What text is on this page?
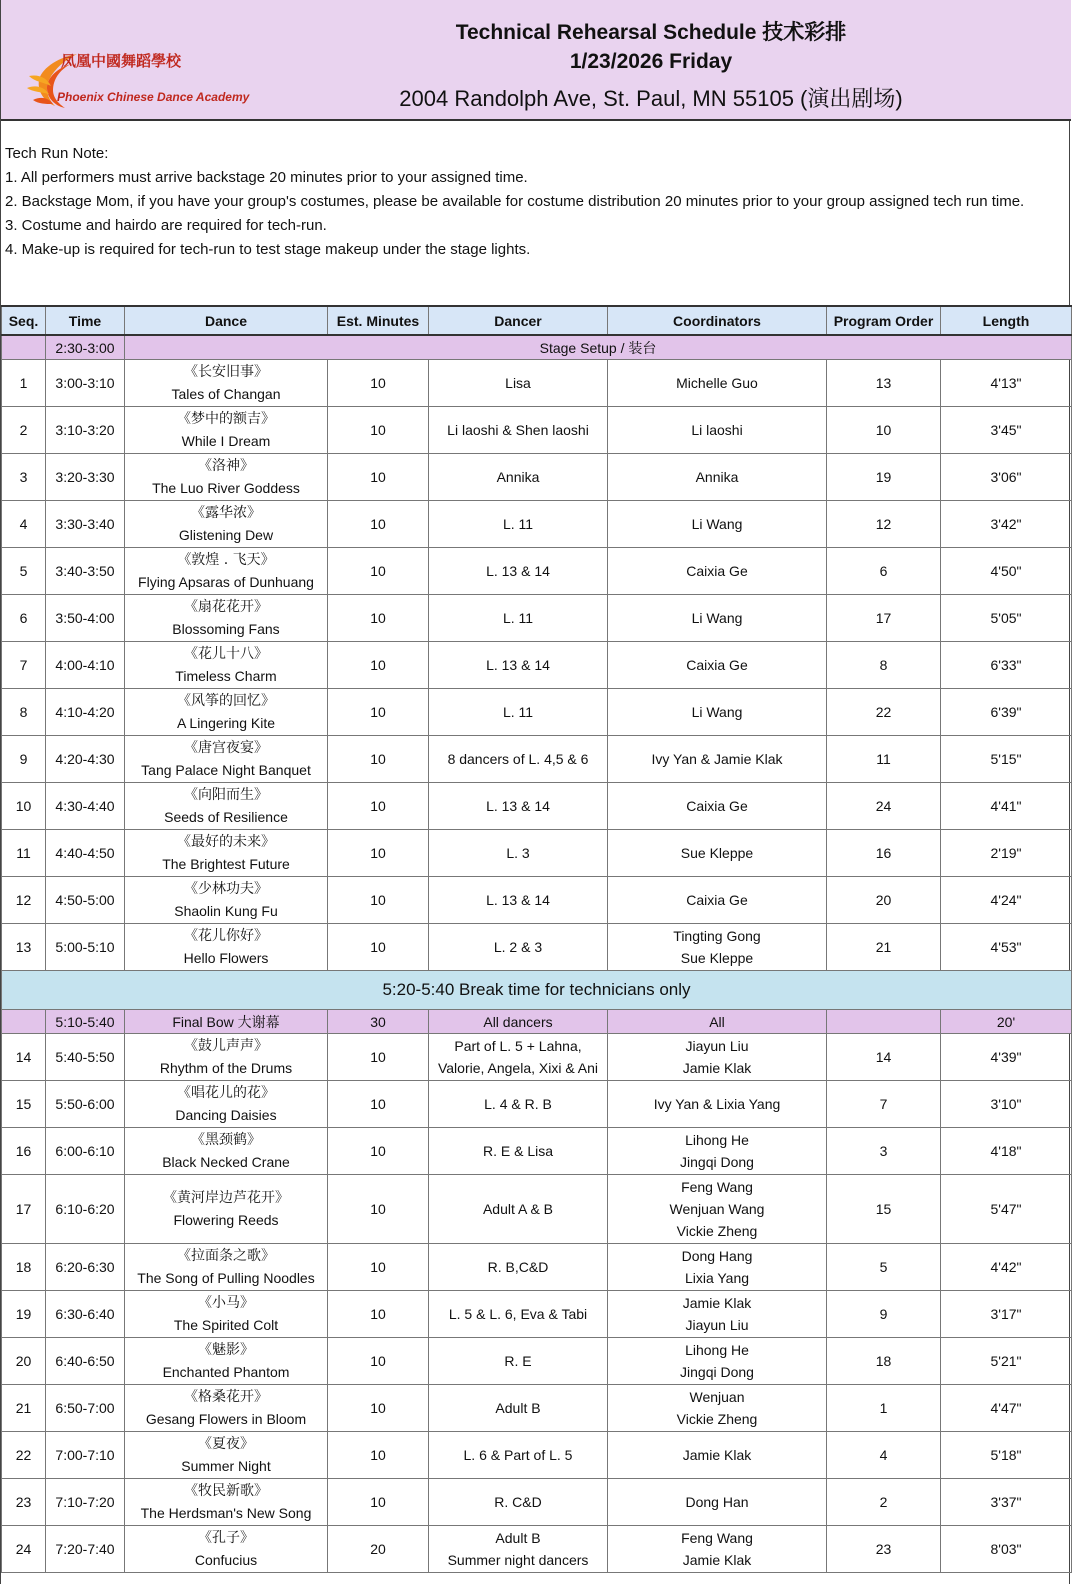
凤凰中國舞蹈學校
Phoenix Chinese Dance Academy
Technical Rehearsal Schedule 技术彩排
1/23/2026 Friday
2004 Randolph Ave, St. Paul, MN 55105 (演出剧场)
Tech Run Note:
1. All performers must arrive backstage 20 minutes prior to your assigned time.
2. Backstage Mom, if you have your group's costumes, please be available for costume distribution 20 minutes prior to your group assigned tech run time.
3. Costume and hairdo are required for tech-run.
4. Make-up is required for tech-run to test stage makeup under the stage lights.
Seq.	Time	Dance	Est. Minutes	Dancer	Coordinators	Program Order	Length
	2:30-3:00	Stage Setup / 装台					
1	3:00-3:10	《长安旧事》
Tales of Changan	10	Lisa	Michelle Guo	13	4'13"
2	3:10-3:20	《梦中的额吉》
While I Dream	10	Li laoshi & Shen laoshi	Li laoshi	10	3'45"
3	3:20-3:30	《洛神》
The Luo River Goddess	10	Annika	Annika	19	3'06"
4	3:30-3:40	《露华浓》
Glistening Dew	10	L. 11	Li Wang	12	3'42"
5	3:40-3:50	《敦煌 . 飞天》
Flying Apsaras of Dunhuang	10	L. 13 & 14	Caixia Ge	6	4'50"
6	3:50-4:00	《扇花花开》
Blossoming Fans	10	L. 11	Li Wang	17	5'05"
7	4:00-4:10	《花儿十八》
Timeless Charm	10	L. 13 & 14	Caixia Ge	8	6'33"
8	4:10-4:20	《风筝的回忆》
A Lingering Kite	10	L. 11	Li Wang	22	6'39"
9	4:20-4:30	《唐宫夜宴》
Tang Palace Night Banquet	10	8 dancers of L. 4,5 & 6	Ivy Yan & Jamie Klak	11	5'15"
10	4:30-4:40	《向阳而生》
Seeds of Resilience	10	L. 13 & 14	Caixia Ge	24	4'41"
11	4:40-4:50	《最好的未来》
The Brightest Future	10	L. 3	Sue Kleppe	16	2'19"
12	4:50-5:00	《少林功夫》
Shaolin Kung Fu	10	L. 13 & 14	Caixia Ge	20	4'24"
13	5:00-5:10	《花儿你好》
Hello Flowers	10	L. 2 & 3	Tingting Gong
Sue Kleppe	21	4'53"
5:20-5:40 Break time for technicians only							
	5:10-5:40	Final Bow 大谢幕	30	All dancers	All		20'
14	5:40-5:50	《鼓儿声声》
Rhythm of the Drums	10	Part of L. 5 + Lahna,
Valorie, Angela, Xixi & Ani	Jiayun Liu
Jamie Klak	14	4'39"
15	5:50-6:00	《唱花儿的花》
Dancing Daisies	10	L. 4 & R. B	Ivy Yan & Lixia Yang	7	3'10"
16	6:00-6:10	《黑颈鹤》
Black Necked Crane	10	R. E & Lisa	Lihong He
Jingqi Dong	3	4'18"
17	6:10-6:20	《黄河岸边芦花开》
Flowering Reeds	10	Adult A & B	Feng Wang
Wenjuan Wang
Vickie Zheng	15	5'47"
18	6:20-6:30	《拉面条之歌》
The Song of Pulling Noodles	10	R. B,C&D	Dong Hang
Lixia Yang	5	4'42"
19	6:30-6:40	《小马》
The Spirited Colt	10	L. 5 & L. 6, Eva & Tabi	Jamie Klak
Jiayun Liu	9	3'17"
20	6:40-6:50	《魅影》
Enchanted Phantom	10	R. E	Lihong He
Jingqi Dong	18	5'21"
21	6:50-7:00	《格桑花开》
Gesang Flowers in Bloom	10	Adult B	Wenjuan
Vickie Zheng	1	4'47"
22	7:00-7:10	《夏夜》
Summer Night	10	L. 6 & Part of L. 5	Jamie Klak	4	5'18"
23	7:10-7:20	《牧民新歌》
The Herdsman's New Song	10	R. C&D	Dong Han	2	3'37"
24	7:20-7:40	《孔子》
Confucius	20	Adult B
Summer night dancers	Feng Wang
Jamie Klak	23	8'03"
